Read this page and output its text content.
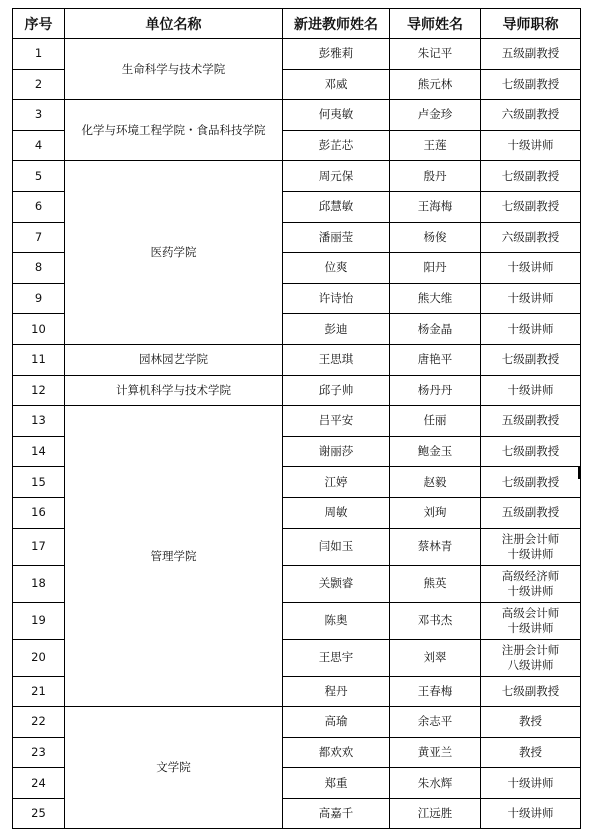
序号	单位名称	新进教师姓名	导师姓名	导师职称
1	生命科学与技术学院	彭雅莉	朱记平	五级副教授

2		邓威	熊元林	七级副教授

3	化学与环境工程学院・食品科技学院	何夷敏	卢金珍	六级副教授

4		彭芷芯	王莲	十级讲师

5	医药学院	周元保	殷丹	七级副教授

6		邱慧敏	王海梅	七级副教授

7		潘丽莹	杨俊	六级副教授

8		位爽	阳丹	十级讲师

9		许诗怡	熊大维	十级讲师

10		彭迪	杨金晶	十级讲师

11	园林园艺学院	王思琪	唐艳平	七级副教授

12	计算机科学与技术学院	邱子帅	杨丹丹	十级讲师

13	管理学院	吕平安	任丽	五级副教授

14		谢丽莎	鲍金玉	七级副教授

15		江婷	赵毅	七级副教授

16		周敏	刘珣	五级副教授

17		闫如玉	蔡林青	注册会计师
十级讲师

18		关颢睿	熊英	高级经济师
十级讲师

19		陈奥	邓书杰	高级会计师
十级讲师

20		王思宇	刘翠	注册会计师
八级讲师

21		程丹	王春梅	七级副教授

22	文学院	高瑜	余志平	教授

23		都欢欢	黄亚兰	教授

24		郑重	朱水辉	十级讲师

25		高嘉千	江远胜	十级讲师
